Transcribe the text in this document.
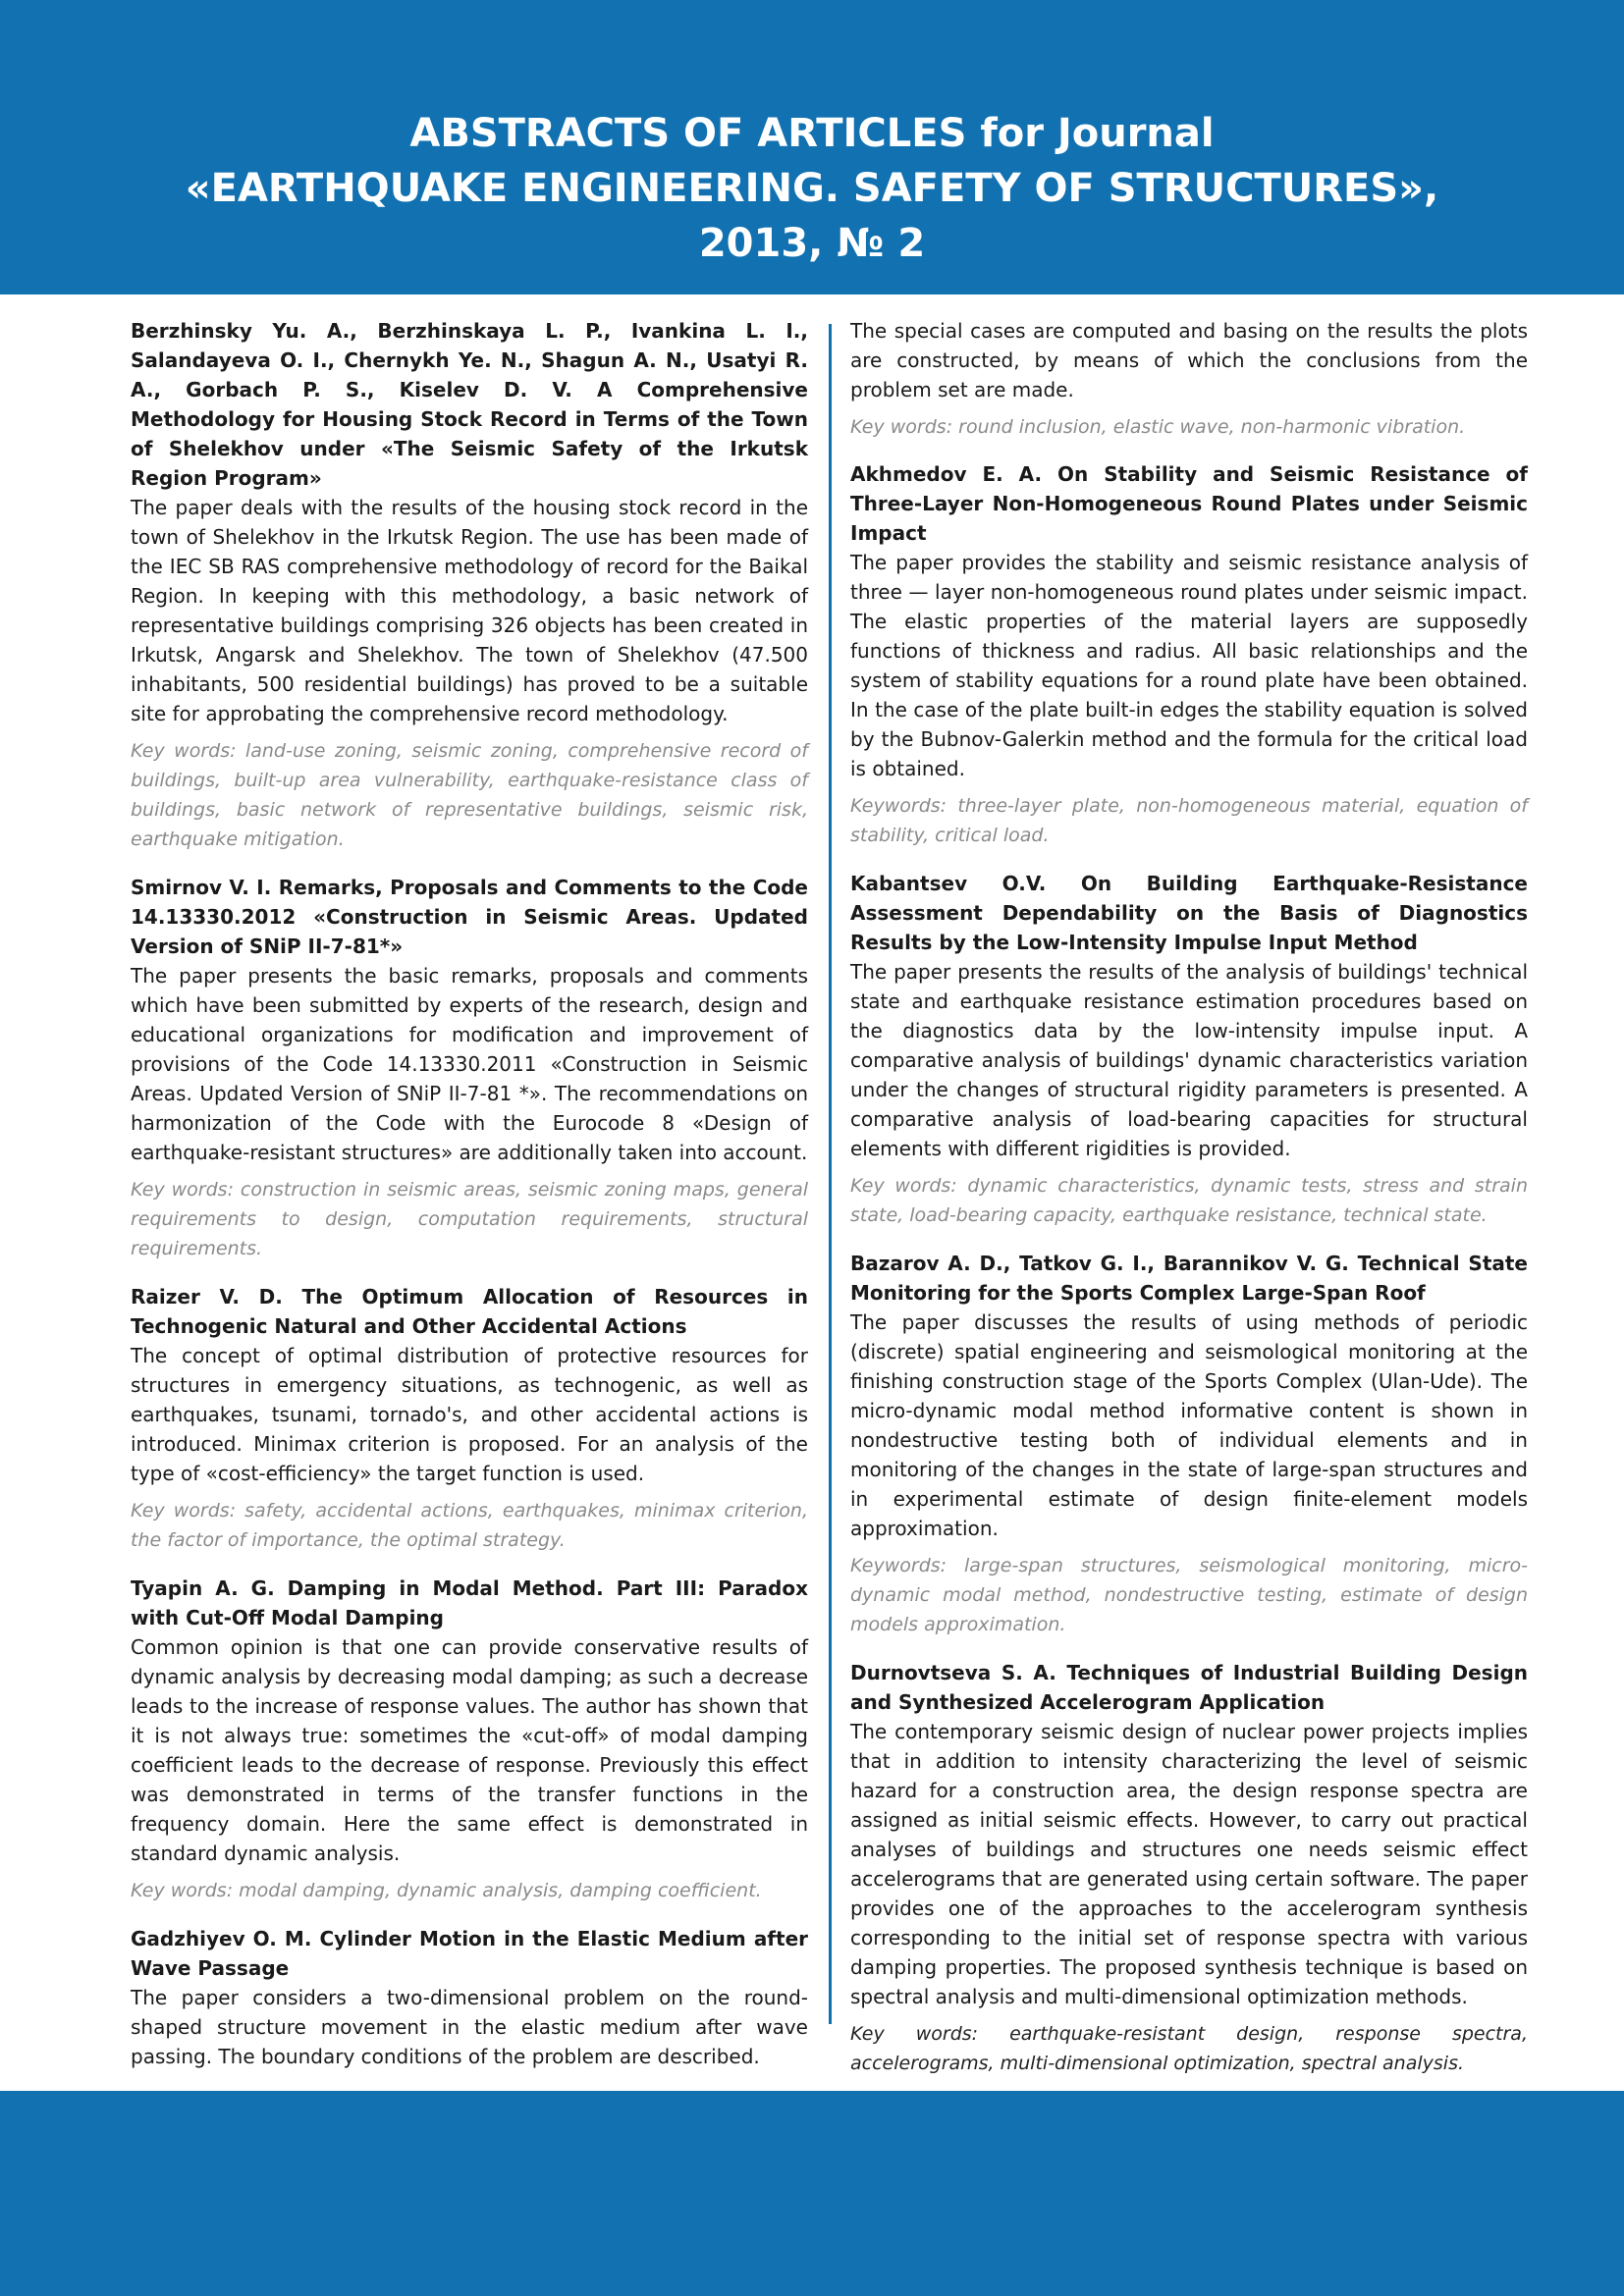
ABSTRACTS OF ARTICLES for Journal
«EARTHQUAKE ENGINEERING. SAFETY OF STRUCTURES»,
2013, № 2

Berzhinsky Yu. A., Berzhinskaya L. P., Ivankina L. I., Salandayeva O. I., Chernykh Ye. N., Shagun A. N., Usatyi R. A., Gorbach P. S., Kiselev D. V. A Comprehensive Methodology for Housing Stock Record in Terms of the Town of Shelekhov under «The Seismic Safety of the Irkutsk Region Program»

The paper deals with the results of the housing stock record in the town of Shelekhov in the Irkutsk Region. The use has been made of the IEC SB RAS comprehensive methodology of record for the Baikal Region. In keeping with this methodology, a basic network of representative buildings comprising 326 objects has been created in Irkutsk, Angarsk and Shelekhov. The town of Shelekhov (47.500 inhabitants, 500 residential buildings) has proved to be a suitable site for approbating the comprehensive record methodology.

Key words: land-use zoning, seismic zoning, comprehensive record of buildings, built-up area vulnerability, earthquake-resistance class of buildings, basic network of representative buildings, seismic risk, earthquake mitigation.

Smirnov V. I. Remarks, Proposals and Comments to the Code 14.13330.2012 «Construction in Seismic Areas. Updated Version of SNiP II-7-81*»

The paper presents the basic remarks, proposals and comments which have been submitted by experts of the research, design and educational organizations for modification and improvement of provisions of the Code 14.13330.2011 «Construction in Seismic Areas. Updated Version of SNiP II-7-81 *». The recommendations on harmonization of the Code with the Eurocode 8 «Design of earthquake-resistant structures» are additionally taken into account.

Key words: construction in seismic areas, seismic zoning maps, general requirements to design, computation requirements, structural requirements.

Raizer V. D. The Optimum Allocation of Resources in Technogenic Natural and Other Accidental Actions

The concept of optimal distribution of protective resources for structures in emergency situations, as technogenic, as well as earthquakes, tsunami, tornado's, and other accidental actions is introduced. Minimax criterion is proposed. For an analysis of the type of «cost-efficiency» the target function is used.

Key words: safety, accidental actions, earthquakes, minimax criterion, the factor of importance, the optimal strategy.

Tyapin A. G. Damping in Modal Method. Part III: Paradox with Cut-Off Modal Damping

Common opinion is that one can provide conservative results of dynamic analysis by decreasing modal damping; as such a decrease leads to the increase of response values. The author has shown that it is not always true: sometimes the «cut-off» of modal damping coefficient leads to the decrease of response. Previously this effect was demonstrated in terms of the transfer functions in the frequency domain. Here the same effect is demonstrated in standard dynamic analysis.

Key words: modal damping, dynamic analysis, damping coefficient.

Gadzhiyev O. M. Cylinder Motion in the Elastic Medium after Wave Passage

The paper considers a two-dimensional problem on the round-shaped structure movement in the elastic medium after wave passing. The boundary conditions of the problem are described.

The special cases are computed and basing on the results the plots are constructed, by means of which the conclusions from the problem set are made.

Key words: round inclusion, elastic wave, non-harmonic vibration.

Akhmedov E. A. On Stability and Seismic Resistance of Three-Layer Non-Homogeneous Round Plates under Seismic Impact

The paper provides the stability and seismic resistance analysis of three — layer non-homogeneous round plates under seismic impact. The elastic properties of the material layers are supposedly functions of thickness and radius. All basic relationships and the system of stability equations for a round plate have been obtained. In the case of the plate built-in edges the stability equation is solved by the Bubnov-Galerkin method and the formula for the critical load is obtained.

Keywords: three-layer plate, non-homogeneous material, equation of stability, critical load.

Kabantsev O.V. On Building Earthquake-Resistance Assessment Dependability on the Basis of Diagnostics Results by the Low-Intensity Impulse Input Method

The paper presents the results of the analysis of buildings' technical state and earthquake resistance estimation procedures based on the diagnostics data by the low-intensity impulse input. A comparative analysis of buildings' dynamic characteristics variation under the changes of structural rigidity parameters is presented. A comparative analysis of load-bearing capacities for structural elements with different rigidities is provided.

Key words: dynamic characteristics, dynamic tests, stress and strain state, load-bearing capacity, earthquake resistance, technical state.

Bazarov A. D., Tatkov G. I., Barannikov V. G. Technical State Monitoring for the Sports Complex Large-Span Roof

The paper discusses the results of using methods of periodic (discrete) spatial engineering and seismological monitoring at the finishing construction stage of the Sports Complex (Ulan-Ude). The micro-dynamic modal method informative content is shown in nondestructive testing both of individual elements and in monitoring of the changes in the state of large-span structures and in experimental estimate of design finite-element models approximation.

Keywords: large-span structures, seismological monitoring, micro-dynamic modal method, nondestructive testing, estimate of design models approximation.

Durnovtseva S. A. Techniques of Industrial Building Design and Synthesized Accelerogram Application

The contemporary seismic design of nuclear power projects implies that in addition to intensity characterizing the level of seismic hazard for a construction area, the design response spectra are assigned as initial seismic effects. However, to carry out practical analyses of buildings and structures one needs seismic effect accelerograms that are generated using certain software. The paper provides one of the approaches to the accelerogram synthesis corresponding to the initial set of response spectra with various damping properties. The proposed synthesis technique is based on spectral analysis and multi-dimensional optimization methods.

Key words: earthquake-resistant design, response spectra, accelerograms, multi-dimensional optimization, spectral analysis.
